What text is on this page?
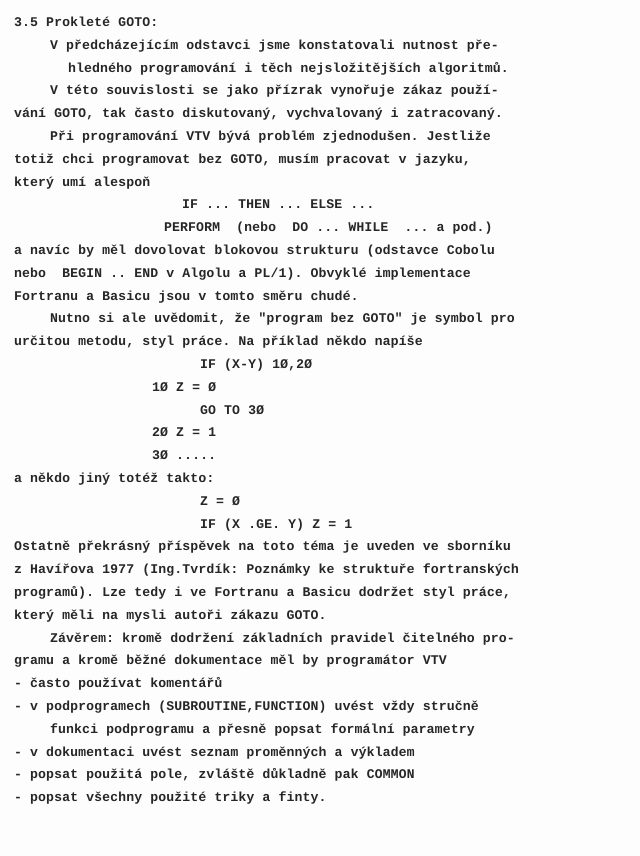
3.5 Prokleté GOTO:
V předcházejícím odstavci jsme konstatovali nutnost pře-
hledného programování i těch nejsložitějších algoritmů.
V této souvislosti se jako přízrak vynořuje zákaz použí-
vání GOTO, tak často diskutovaný, vychvalovaný i zatracovaný.
Při programování VTV bývá problém zjednodušen. Jestliže
totiž chci programovat bez GOTO, musím pracovat v jazyku,
který umí alespoň
IF ... THEN ... ELSE ...
PERFORM  (nebo  DO ... WHILE  ... a pod.)
a navíc by měl dovolovat blokovou strukturu (odstavce Cobolu
nebo  BEGIN .. END v Algolu a PL/1). Obvyklé implementace
Fortranu a Basicu jsou v tomto směru chudé.
Nutno si ale uvědomit, že "program bez GOTO" je symbol pro
určitou metodu, styl práce. Na příklad někdo napíše
IF (X-Y) 1Ø,2Ø
1Ø Z = Ø
GO TO 3Ø
2Ø Z = 1
3Ø .....
a někdo jiný totéž takto:
Z = Ø
IF (X .GE. Y) Z = 1
Ostatně překrásný příspěvek na toto téma je uveden ve sborníku
z Havířova 1977 (Ing.Tvrdík: Poznámky ke struktuře fortranských
programů). Lze tedy i ve Fortranu a Basicu dodržet styl práce,
který měli na mysli autoři zákazu GOTO.
Závěrem: kromě dodržení základních pravidel čitelného pro-
gramu a kromě běžné dokumentace měl by programátor VTV
- často používat komentářů
- v podprogramech (SUBROUTINE,FUNCTION) uvést vždy stručně
funkci podprogramu a přesně popsat formální parametry
- v dokumentaci uvést seznam proměnných a výkladem
- popsat použitá pole, zvláště důkladně pak COMMON
- popsat všechny použité triky a finty.
